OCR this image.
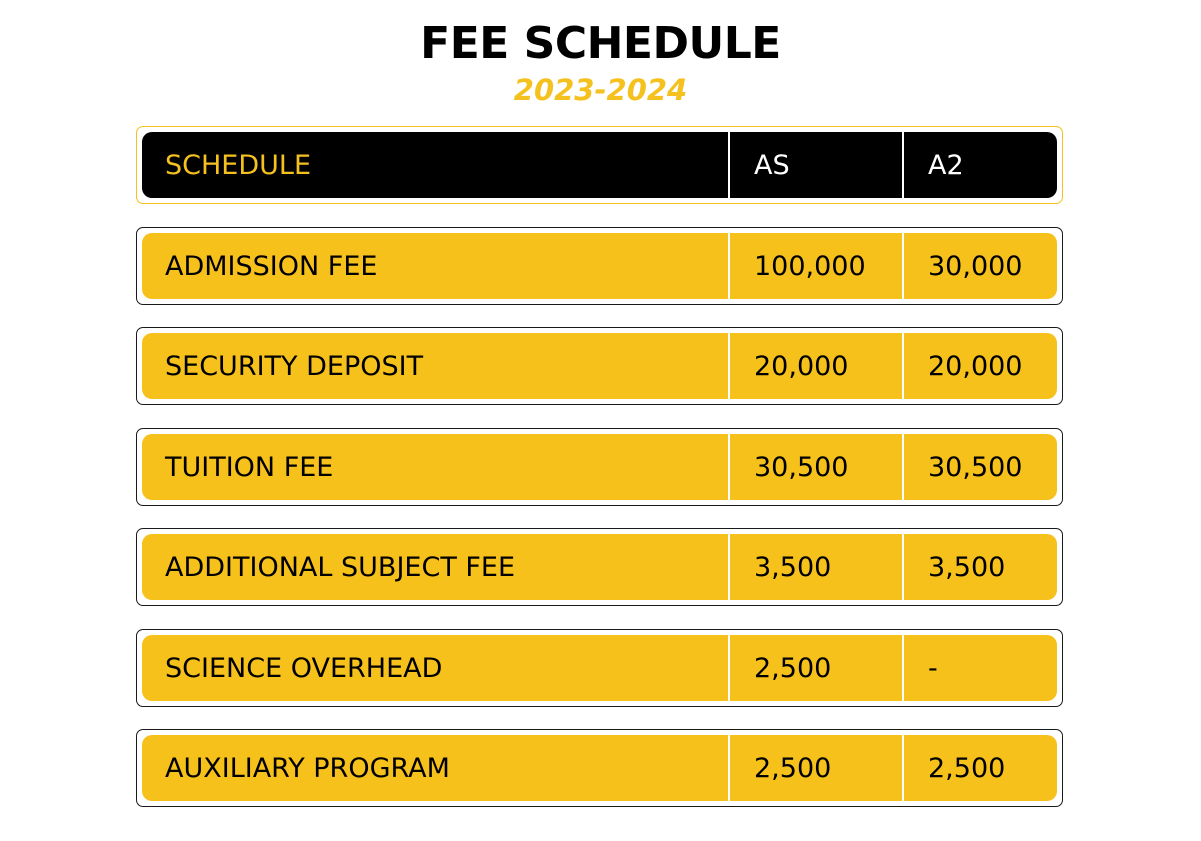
FEE SCHEDULE
2023-2024
SCHEDULE	AS	A2
ADMISSION FEE	100,000	30,000
SECURITY DEPOSIT	20,000	20,000
TUITION FEE	30,500	30,500
ADDITIONAL SUBJECT FEE	3,500	3,500
SCIENCE OVERHEAD	2,500	-
AUXILIARY PROGRAM	2,500	2,500
